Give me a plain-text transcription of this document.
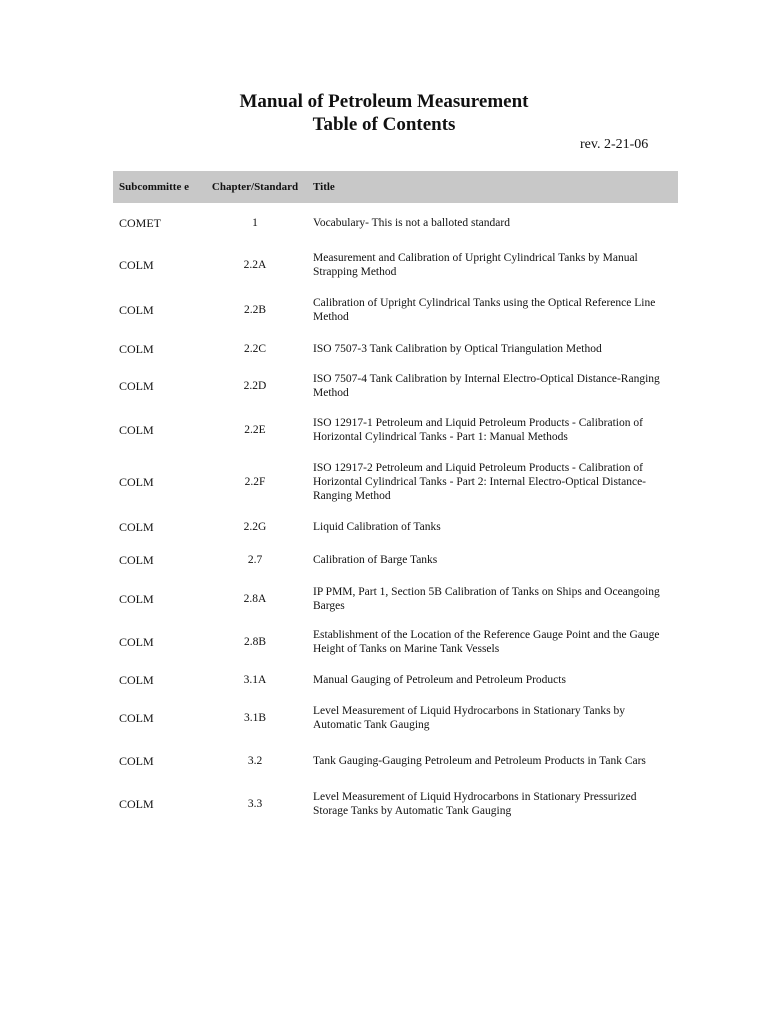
Manual of Petroleum Measurement
Table of Contents
rev. 2-21-06
Subcommitte e	Chapter/Standard	Title
COMET	1	Vocabulary- This is not a balloted standard
COLM	2.2A	Measurement and Calibration of Upright Cylindrical Tanks by Manual Strapping Method
COLM	2.2B	Calibration of Upright Cylindrical Tanks using the Optical Reference Line Method
COLM	2.2C	ISO 7507-3 Tank Calibration by Optical Triangulation Method
COLM	2.2D	ISO 7507-4 Tank Calibration by Internal Electro-Optical Distance-Ranging Method
COLM	2.2E	ISO 12917-1 Petroleum and Liquid Petroleum Products - Calibration of Horizontal Cylindrical Tanks - Part 1: Manual Methods
COLM	2.2F	ISO 12917-2 Petroleum and Liquid Petroleum Products - Calibration of Horizontal Cylindrical Tanks - Part 2: Internal Electro-Optical Distance-Ranging Method
COLM	2.2G	Liquid Calibration of Tanks
COLM	2.7	Calibration of Barge Tanks
COLM	2.8A	IP PMM, Part 1, Section 5B Calibration of Tanks on Ships and Oceangoing Barges
COLM	2.8B	Establishment of the Location of the Reference Gauge Point and the Gauge Height of Tanks on Marine Tank Vessels
COLM	3.1A	Manual Gauging of Petroleum and Petroleum Products
COLM	3.1B	Level Measurement of Liquid Hydrocarbons in Stationary Tanks by Automatic Tank Gauging
COLM	3.2	Tank Gauging-Gauging Petroleum and Petroleum Products in Tank Cars
COLM	3.3	Level Measurement of Liquid Hydrocarbons in Stationary Pressurized Storage Tanks by Automatic Tank Gauging
